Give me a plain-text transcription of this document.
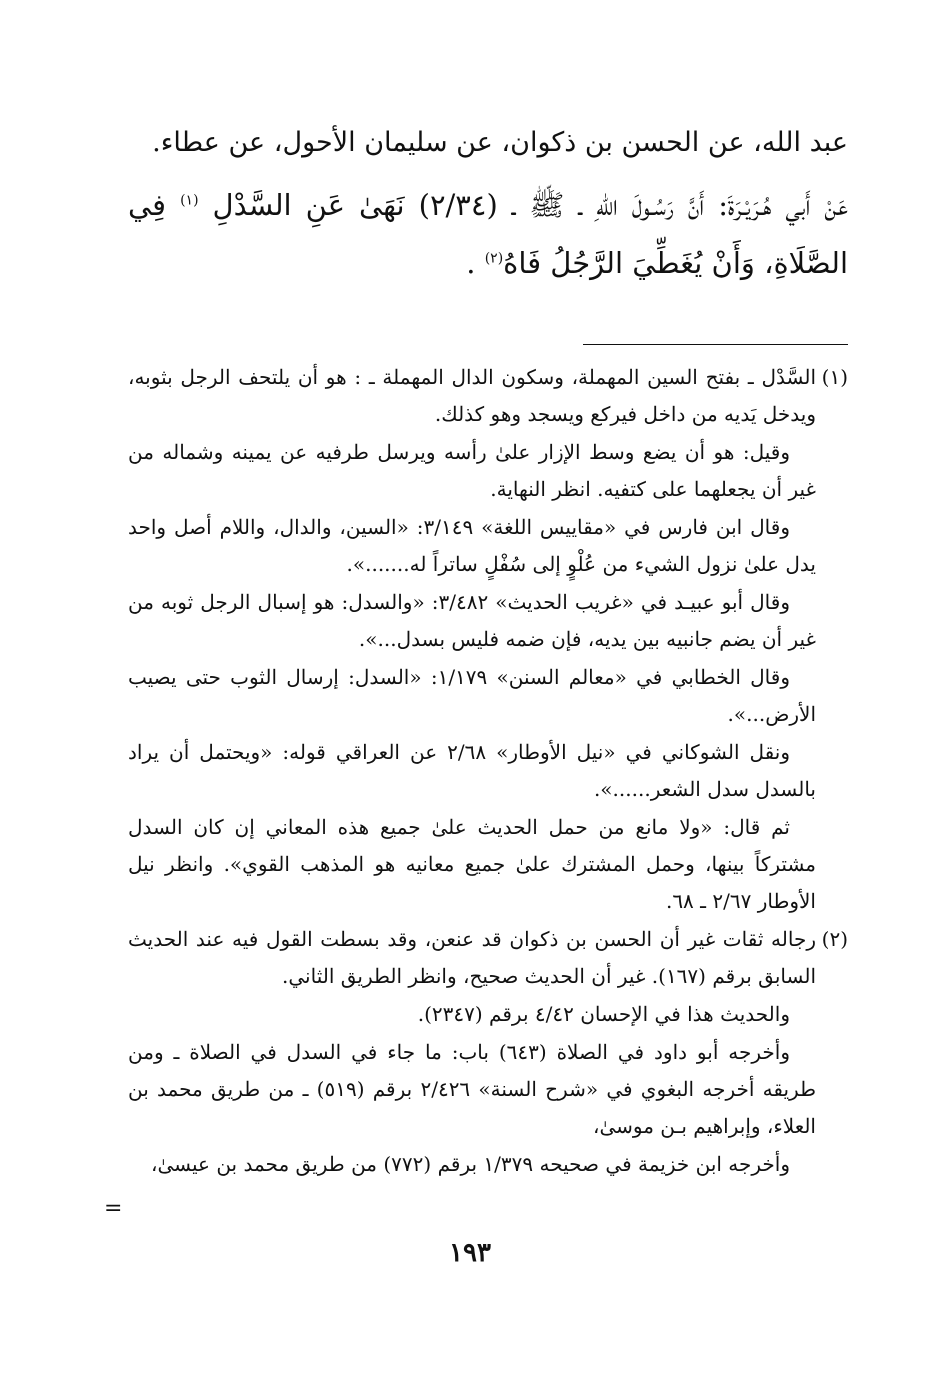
عبد الله، عن الحسن بن ذكوان، عن سليمان الأحول، عن عطاء.

عَنْ أَبي هُـرَيْـرَةَ: أَنَّ رَسُـولَ اللهِ ـ ﷺ ـ (٢/٣٤) نَهَىٰ عَنِ السَّدْلِ $^{(١)}$ فِي الصَّلَاةِ، وَأَنْ يُغَطِّيَ الرَّجُلُ فَاهُ$^{(٢)}$ .

(١)

السَّدْل ـ بفتح السين المهملة، وسكون الدال المهملة ـ : هو أن يلتحف الرجل بثوبه، ويدخل يَديه من داخل فيركع ويسجد وهو كذلك.

وقيل: هو أن يضع وسط الإزار علىٰ رأسه ويرسل طرفيه عن يمينه وشماله من غير أن يجعلهما على كتفيه. انظر النهاية.

وقال ابن فارس في «مقاييس اللغة» ٣/١٤٩: «السين، والدال، واللام أصل واحد يدل علىٰ نزول الشيء من عُلْوٍ إلى سُفْلٍ ساتراً له.......».

وقال أبو عبيـد في «غريب الحديث» ٣/٤٨٢: «والسدل: هو إسبال الرجل ثوبه من غير أن يضم جانبيه بين يديه، فإن ضمه فليس بسدل...».

وقال الخطابي في «معالم السنن» ١/١٧٩: «السدل: إرسال الثوب حتى يصيب الأرض...».

ونقل الشوكاني في «نيل الأوطار» ٢/٦٨ عن العراقي قوله: «ويحتمل أن يراد بالسدل سدل الشعر......».

ثم قال: «ولا مانع من حمل الحديث علىٰ جميع هذه المعاني إن كان السدل مشتركاً بينها، وحمل المشترك علىٰ جميع معانيه هو المذهب القوي». وانظر نيل الأوطار ٢/٦٧ ـ ٦٨.

(٢)

رجاله ثقات غير أن الحسن بن ذكوان قد عنعن، وقد بسطت القول فيه عند الحديث السابق برقم (١٦٧). غير أن الحديث صحيح، وانظر الطريق الثاني.

والحديث هذا في الإحسان ٤/٤٢ برقم (٢٣٤٧).

وأخرجه أبو داود في الصلاة (٦٤٣) باب: ما جاء في السدل في الصلاة ـ ومن طريقه أخرجه البغوي في «شرح السنة» ٢/٤٢٦ برقم (٥١٩) ـ من طريق محمد بن العلاء، وإبراهيم بـن موسىٰ،

وأخرجه ابن خزيمة في صحيحه ١/٣٧٩ برقم (٧٧٢) من طريق محمد بن عيسىٰ،

=
١٩٣
